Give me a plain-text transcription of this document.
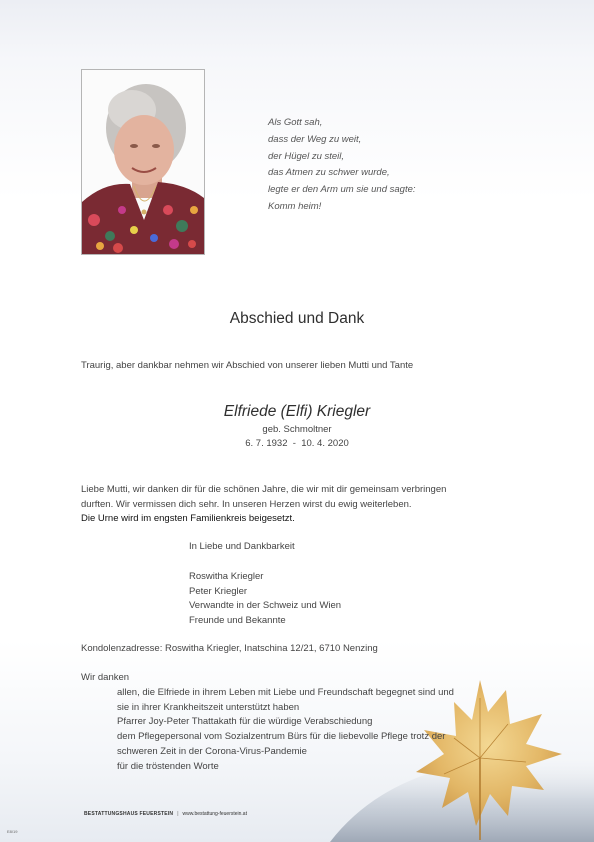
Als Gott sah,
dass der Weg zu weit,
der Hügel zu steil,
das Atmen zu schwer wurde,
legte er den Arm um sie und sagte:
Komm heim!
Abschied und Dank
Traurig, aber dankbar nehmen wir Abschied von unserer lieben Mutti und Tante
Elfriede (Elfi) Kriegler
geb. Schmoltner
6. 7. 1932  -  10. 4. 2020
Liebe Mutti, wir danken dir für die schönen Jahre, die wir mit dir gemeinsam verbringen
durften. Wir vermissen dich sehr. In unseren Herzen wirst du ewig weiterleben.
Die Urne wird im engsten Familienkreis beigesetzt.
In Liebe und Dankbarkeit
Roswitha Kriegler
Peter Kriegler
Verwandte in der Schweiz und Wien
Freunde und Bekannte
Kondolenzadresse: Roswitha Kriegler, Inatschina 12/21, 6710 Nenzing
Wir danken
allen, die Elfriede in ihrem Leben mit Liebe und Freundschaft begegnet sind und
sie in ihrer Krankheitszeit unterstützt haben
Pfarrer Joy-Peter Thattakath für die würdige Verabschiedung
dem Pflegepersonal vom Sozialzentrum Bürs für die liebevolle Pflege trotz der
schweren Zeit in der Corona-Virus-Pandemie
für die tröstenden Worte
BESTATTUNGSHAUS FEUERSTEIN | www.bestattung-feuerstein.at
E8/19
